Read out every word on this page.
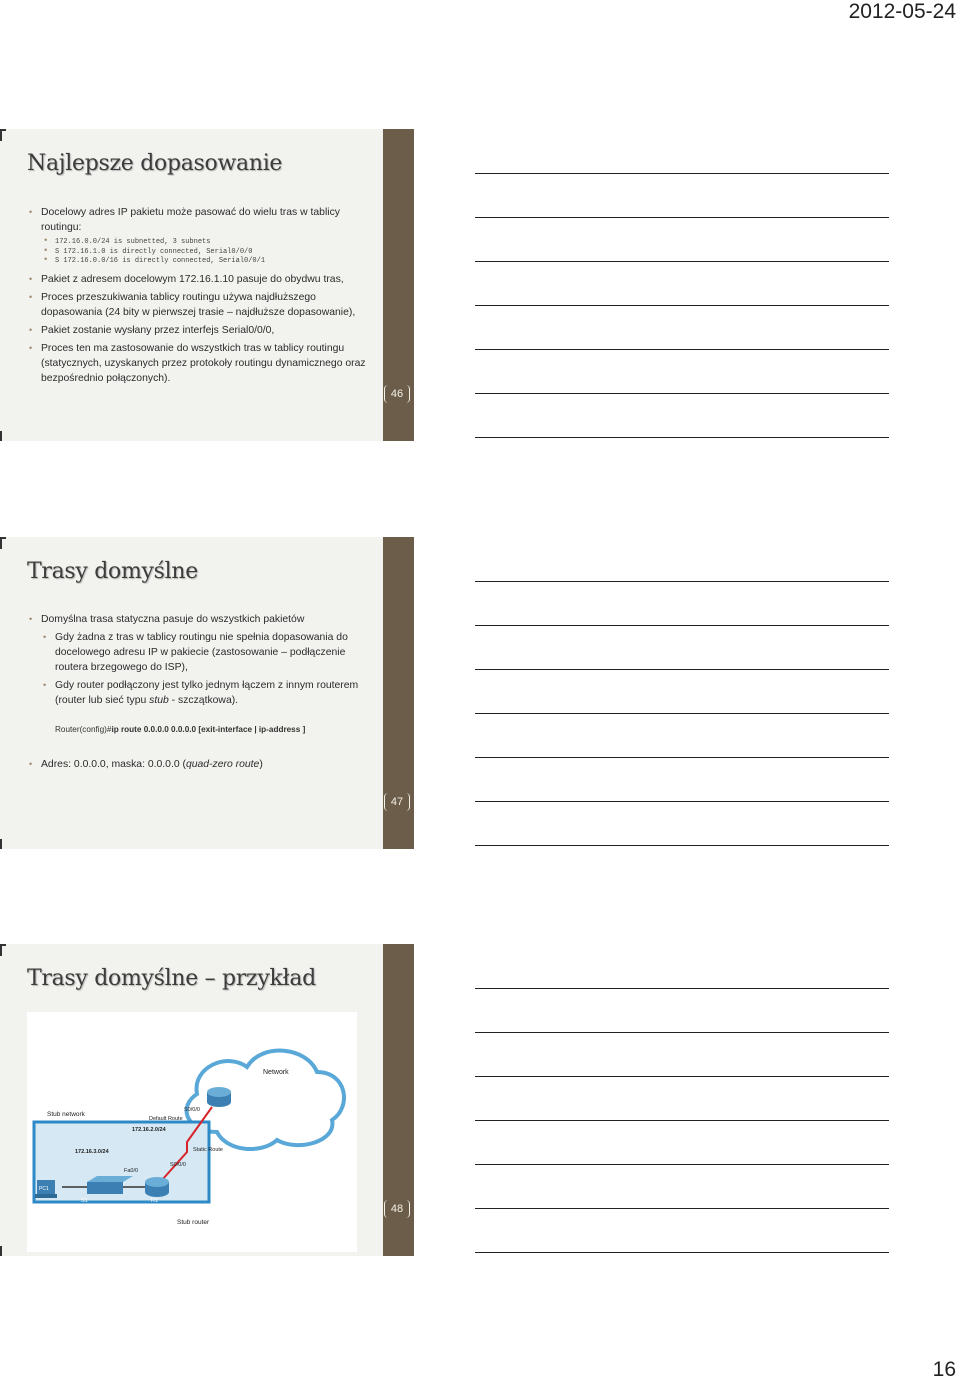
2012-05-24
Najlepsze dopasowanie
46
• Docelowy adres IP pakietu może pasować do wielu tras w tablicy routingu:
• 172.16.0.0/24 is subnetted, 3 subnets
• S 172.16.1.0 is directly connected, Serial0/0/0
• S 172.16.0.0/16 is directly connected, Serial0/0/1
• Pakiet z adresem docelowym 172.16.1.10 pasuje do obydwu tras,
• Proces przeszukiwania tablicy routingu używa najdłuższego dopasowania (24 bity w pierwszej trasie – najdłuższe dopasowanie),
• Pakiet zostanie wysłany przez interfejs Serial0/0/0,
• Proces ten ma zastosowanie do wszystkich tras w tablicy routingu (statycznych, uzyskanych przez protokoły routingu dynamicznego oraz bezpośrednio połączonych).
Trasy domyślne
47
• Domyślna trasa statyczna pasuje do wszystkich pakietów
• Gdy żadna z tras w tablicy routingu nie spełnia dopasowania do docelowego adresu IP w pakiecie (zastosowanie – podłączenie routera brzegowego do ISP),
• Gdy router podłączony jest tylko jednym łączem z innym routerem (router lub sieć typu stub - szczątkowa).
Router(config)#ip route 0.0.0.0 0.0.0.0 [exit-interface | ip-address ]
• Adres: 0.0.0.0, maska: 0.0.0.0 (quad-zero route)
Trasy domyślne – przykład
48
Network
Stub network	R2
S0/0/0
Default Route
172.16.2.0/24
172.16.3.0/24
Fa0/0
Static Route
S0/0/0
PC1
S1	R1
Stub router
16
